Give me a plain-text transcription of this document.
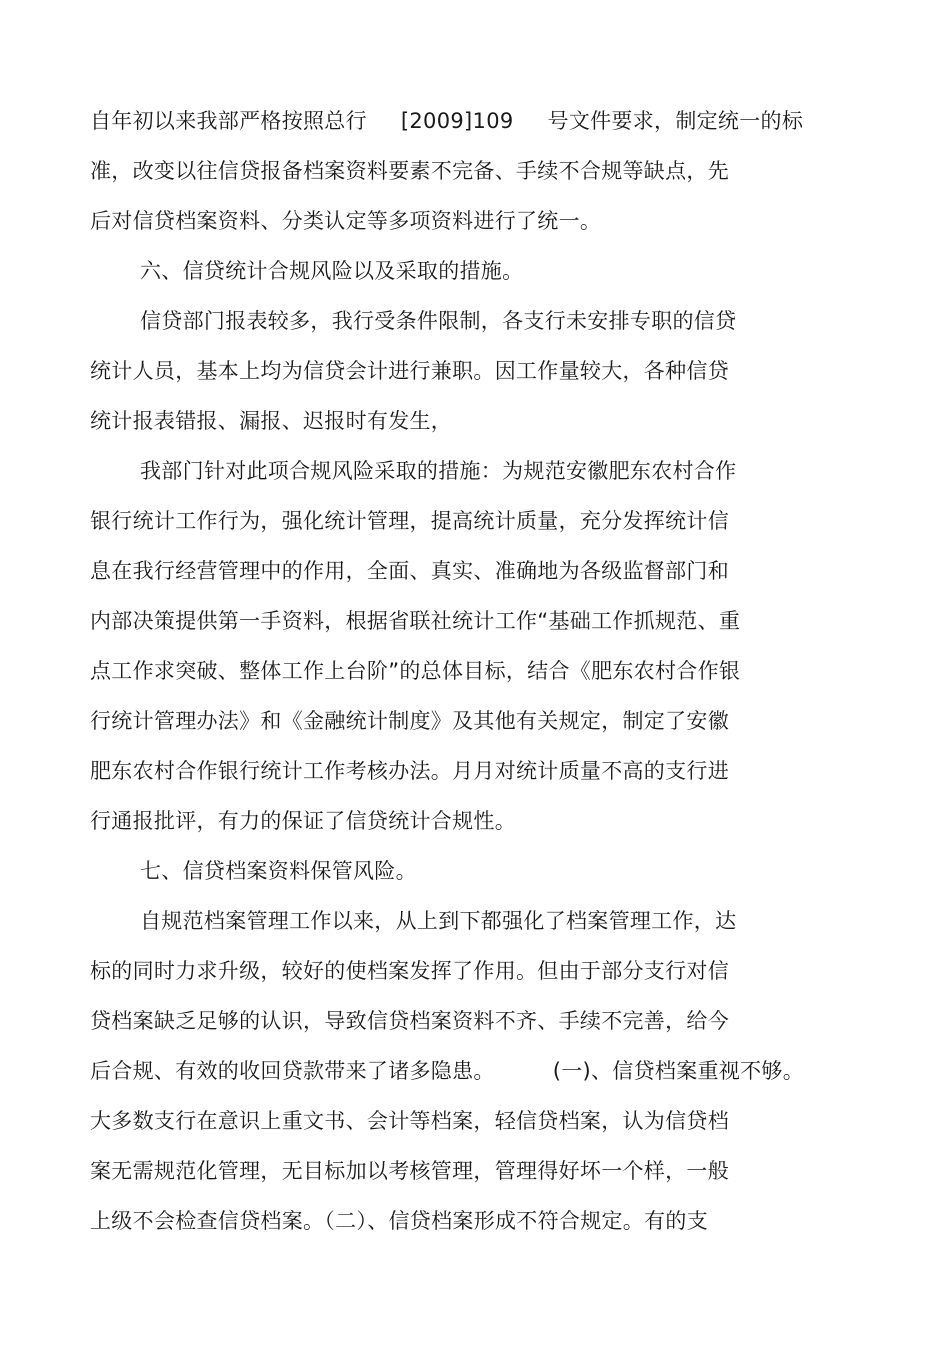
自年初以来我部严格按照总行 [2009]109 号文件要求，制定统一的标
准，改变以往信贷报备档案资料要素不完备、手续不合规等缺点，先
后对信贷档案资料、分类认定等多项资料进行了统一。
六、信贷统计合规风险以及采取的措施。
信贷部门报表较多，我行受条件限制，各支行未安排专职的信贷
统计人员，基本上均为信贷会计进行兼职。因工作量较大，各种信贷
统计报表错报、漏报、迟报时有发生，
我部门针对此项合规风险采取的措施：为规范安徽肥东农村合作
银行统计工作行为，强化统计管理，提高统计质量，充分发挥统计信
息在我行经营管理中的作用，全面、真实、准确地为各级监督部门和
内部决策提供第一手资料，根据省联社统计工作“基础工作抓规范、重
点工作求突破、整体工作上台阶”的总体目标，结合《肥东农村合作银
行统计管理办法》和《金融统计制度》及其他有关规定，制定了安徽
肥东农村合作银行统计工作考核办法。月月对统计质量不高的支行进
行通报批评，有力的保证了信贷统计合规性。
七、信贷档案资料保管风险。
自规范档案管理工作以来，从上到下都强化了档案管理工作，达
标的同时力求升级，较好的使档案发挥了作用。但由于部分支行对信
贷档案缺乏足够的认识，导致信贷档案资料不齐、手续不完善，给今
后合规、有效的收回贷款带来了诸多隐患。	(一)、信贷档案重视不够。
大多数支行在意识上重文书、会计等档案，轻信贷档案，认为信贷档
案无需规范化管理，无目标加以考核管理，管理得好坏一个样，一般
上级不会检查信贷档案。（二）、信贷档案形成不符合规定。有的支
